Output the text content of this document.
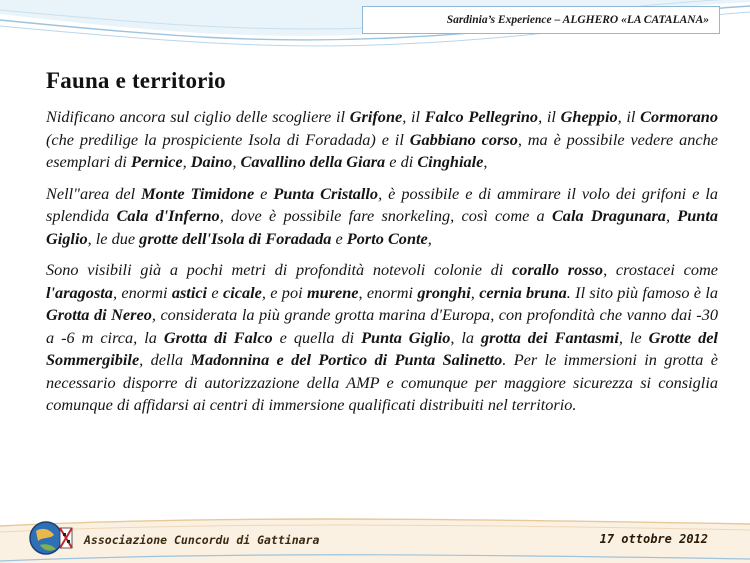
Sardinia’s Experience – ALGHERO «LA CATALANA»
Fauna e territorio

Nidificano ancora sul ciglio delle scogliere il Grifone, il Falco Pellegrino, il Gheppio, il Cormorano (che predilige la prospiciente Isola di Foradada) e il Gabbiano corso, ma è possibile vedere anche esemplari di Pernice, Daino, Cavallino della Giara e di Cinghiale,

Nell"area del Monte Timidone e Punta Cristallo, è possibile e di ammirare il volo dei grifoni e la splendida Cala d'Inferno, dove è possibile fare snorkeling, così come a Cala Dragunara, Punta Giglio, le due grotte dell'Isola di Foradada e Porto Conte,

Sono visibili già a pochi metri di profondità notevoli colonie di corallo rosso, crostacei come l'aragosta, enormi astici e cicale, e poi murene, enormi gronghi, cernia bruna. Il sito più famoso è la Grotta di Nereo, considerata la più grande grotta marina d'Europa, con profondità che vanno dai -30 a -6 m circa, la Grotta di Falco e quella di Punta Giglio, la grotta dei Fantasmi, le Grotte del Sommergibile, della Madonnina e del Portico di Punta Salinetto. Per le immersioni in grotta è necessario disporre di autorizzazione della AMP e comunque per maggiore sicurezza si consiglia comunque di affidarsi ai centri di immersione qualificati distribuiti nel territorio.

Associazione Cuncordu di Gattinara	17 ottobre 2012
